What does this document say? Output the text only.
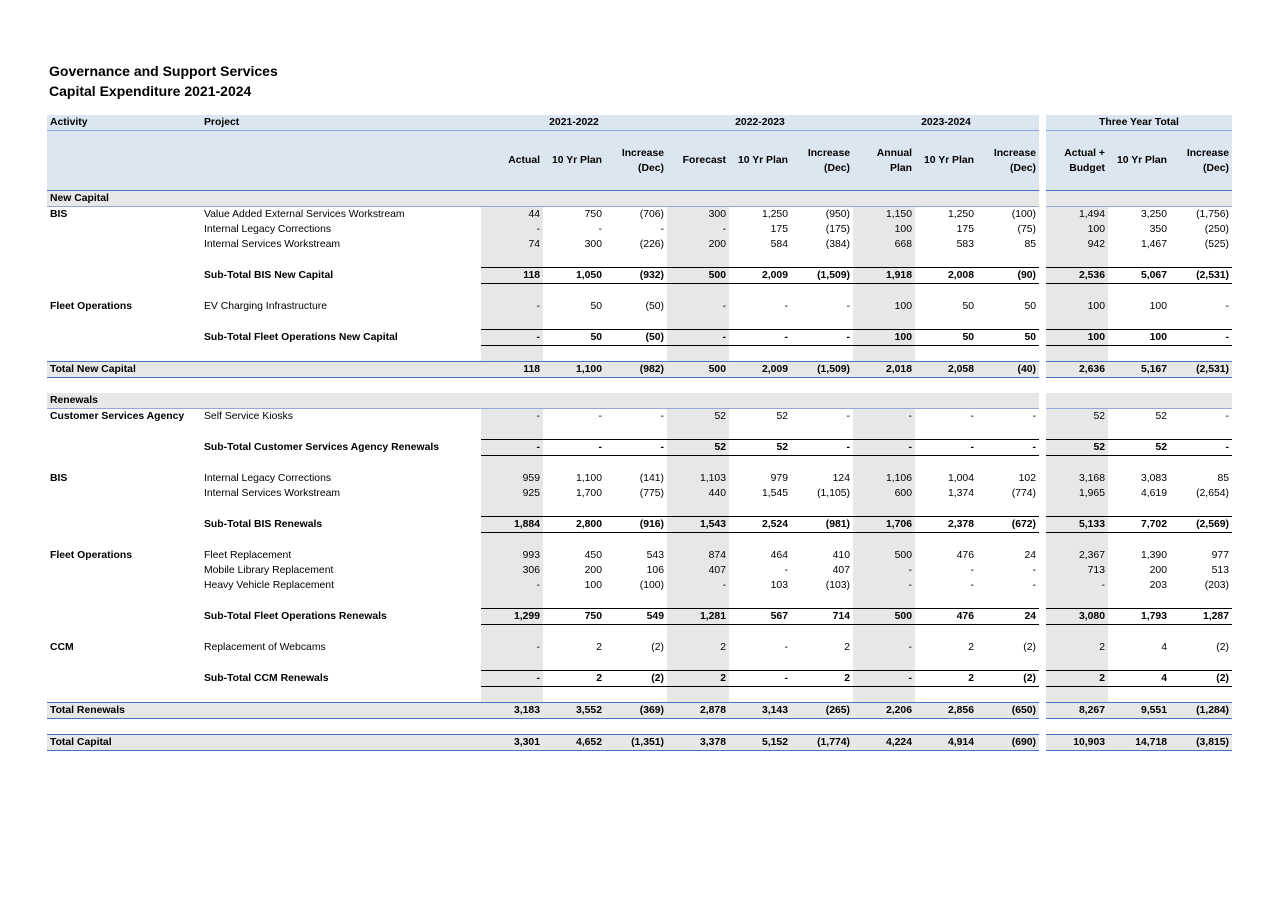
Governance and Support Services
Capital Expenditure 2021-2024
Activity	Project	2021-2022			2022-2023			2023-2024				Three Year Total		
		Actual	10 Yr Plan	Increase (Dec)	Forecast	10 Yr Plan	Increase (Dec)	Annual Plan	10 Yr Plan	Increase (Dec)		Actual + Budget	10 Yr Plan	Increase (Dec)
New Capital														
BIS	Value Added External Services Workstream	44	750	(706)	300	1,250	(950)	1,150	1,250	(100)		1,494	3,250	(1,756)
	Internal Legacy Corrections	-	-	-	-	175	(175)	100	175	(75)		100	350	(250)
	Internal Services Workstream	74	300	(226)	200	584	(384)	668	583	85		942	1,467	(525)

	Sub-Total BIS New Capital	118	1,050	(932)	500	2,009	(1,509)	1,918	2,008	(90)		2,536	5,067	(2,531)

Fleet Operations	EV Charging Infrastructure	-	50	(50)	-	-	-	100	50	50		100	100	-

	Sub-Total Fleet Operations New Capital	-	50	(50)	-	-	-	100	50	50		100	100	-

Total New Capital		118	1,100	(982)	500	2,009	(1,509)	2,018	2,058	(40)		2,636	5,167	(2,531)

Renewals														
Customer Services Agency	Self Service Kiosks	-	-	-	52	52	-	-	-	-		52	52	-

	Sub-Total Customer Services Agency Renewals	-	-	-	52	52	-	-	-	-		52	52	-

BIS	Internal Legacy Corrections	959	1,100	(141)	1,103	979	124	1,106	1,004	102		3,168	3,083	85
	Internal Services Workstream	925	1,700	(775)	440	1,545	(1,105)	600	1,374	(774)		1,965	4,619	(2,654)

	Sub-Total BIS Renewals	1,884	2,800	(916)	1,543	2,524	(981)	1,706	2,378	(672)		5,133	7,702	(2,569)

Fleet Operations	Fleet Replacement	993	450	543	874	464	410	500	476	24		2,367	1,390	977
	Mobile Library Replacement	306	200	106	407	-	407	-	-	-		713	200	513
	Heavy Vehicle Replacement	-	100	(100)	-	103	(103)	-	-	-		-	203	(203)

	Sub-Total Fleet Operations Renewals	1,299	750	549	1,281	567	714	500	476	24		3,080	1,793	1,287

CCM	Replacement of Webcams	-	2	(2)	2	-	2	-	2	(2)		2	4	(2)

	Sub-Total CCM Renewals	-	2	(2)	2	-	2	-	2	(2)		2	4	(2)

Total Renewals		3,183	3,552	(369)	2,878	3,143	(265)	2,206	2,856	(650)		8,267	9,551	(1,284)

Total Capital		3,301	4,652	(1,351)	3,378	5,152	(1,774)	4,224	4,914	(690)		10,903	14,718	(3,815)
